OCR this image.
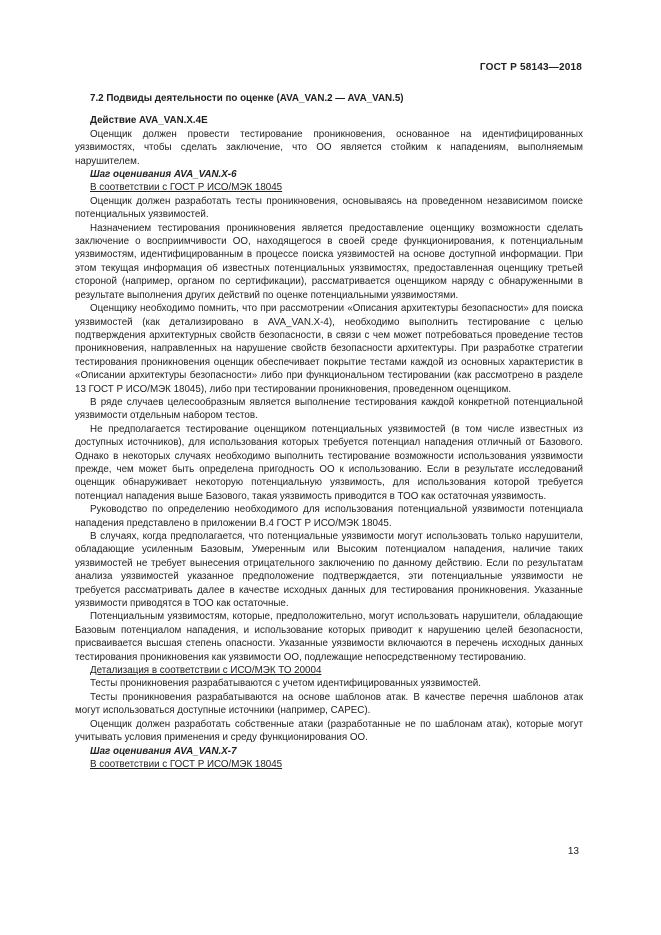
ГОСТ Р 58143—2018

7.2 Подвиды деятельности по оценке (AVA_VAN.2 — AVA_VAN.5)

Действие AVA_VAN.X.4E

Оценщик должен провести тестирование проникновения, основанное на идентифицированных уязвимостях, чтобы сделать заключение, что ОО является стойким к нападениям, выполняемым нарушителем.

Шаг оценивания AVA_VAN.X-6

В соответствии с ГОСТ Р ИСО/МЭК 18045

Оценщик должен разработать тесты проникновения, основываясь на проведенном независимом поиске потенциальных уязвимостей.

Назначением тестирования проникновения является предоставление оценщику возможности сделать заключение о восприимчивости ОО, находящегося в своей среде функционирования, к потенциальным уязвимостям, идентифицированным в процессе поиска уязвимостей на основе доступной информации. При этом текущая информация об известных потенциальных уязвимостях, предоставленная оценщику третьей стороной (например, органом по сертификации), рассматривается оценщиком наряду с обнаруженными в результате выполнения других действий по оценке потенциальными уязвимостями.

Оценщику необходимо помнить, что при рассмотрении «Описания архитектуры безопасности» для поиска уязвимостей (как детализировано в AVA_VAN.X-4), необходимо выполнить тестирование с целью подтверждения архитектурных свойств безопасности, в связи с чем может потребоваться проведение тестов проникновения, направленных на нарушение свойств безопасности архитектуры. При разработке стратегии тестирования проникновения оценщик обеспечивает покрытие тестами каждой из основных характеристик в «Описании архитектуры безопасности» либо при функциональном тестировании (как рассмотрено в разделе 13 ГОСТ Р ИСО/МЭК 18045), либо при тестировании проникновения, проведенном оценщиком.

В ряде случаев целесообразным является выполнение тестирования каждой конкретной потенциальной уязвимости отдельным набором тестов.

Не предполагается тестирование оценщиком потенциальных уязвимостей (в том числе известных из доступных источников), для использования которых требуется потенциал нападения отличный от Базового. Однако в некоторых случаях необходимо выполнить тестирование возможности использования уязвимости прежде, чем может быть определена пригодность ОО к использованию. Если в результате исследований оценщик обнаруживает некоторую потенциальную уязвимость, для использования которой требуется потенциал нападения выше Базового, такая уязвимость приводится в ТОО как остаточная уязвимость.

Руководство по определению необходимого для использования потенциальной уязвимости потенциала нападения представлено в приложении В.4 ГОСТ Р ИСО/МЭК 18045.

В случаях, когда предполагается, что потенциальные уязвимости могут использовать только нарушители, обладающие усиленным Базовым, Умеренным или Высоким потенциалом нападения, наличие таких уязвимостей не требует вынесения отрицательного заключению по данному действию. Если по результатам анализа уязвимостей указанное предположение подтверждается, эти потенциальные уязвимости не требуется рассматривать далее в качестве исходных данных для тестирования проникновения. Указанные уязвимости приводятся в ТОО как остаточные.

Потенциальным уязвимостям, которые, предположительно, могут использовать нарушители, обладающие Базовым потенциалом нападения, и использование которых приводит к нарушению целей безопасности, присваивается высшая степень опасности. Указанные уязвимости включаются в перечень исходных данных тестирования проникновения как уязвимости ОО, подлежащие непосредственному тестированию.

Детализация в соответствии с ИСО/МЭК ТО 20004

Тесты проникновения разрабатываются с учетом идентифицированных уязвимостей.

Тесты проникновения разрабатываются на основе шаблонов атак. В качестве перечня шаблонов атак могут использоваться доступные источники (например, CAPEC).

Оценщик должен разработать собственные атаки (разработанные не по шаблонам атак), которые могут учитывать условия применения и среду функционирования ОО.

Шаг оценивания AVA_VAN.X-7

В соответствии с ГОСТ Р ИСО/МЭК 18045

13
